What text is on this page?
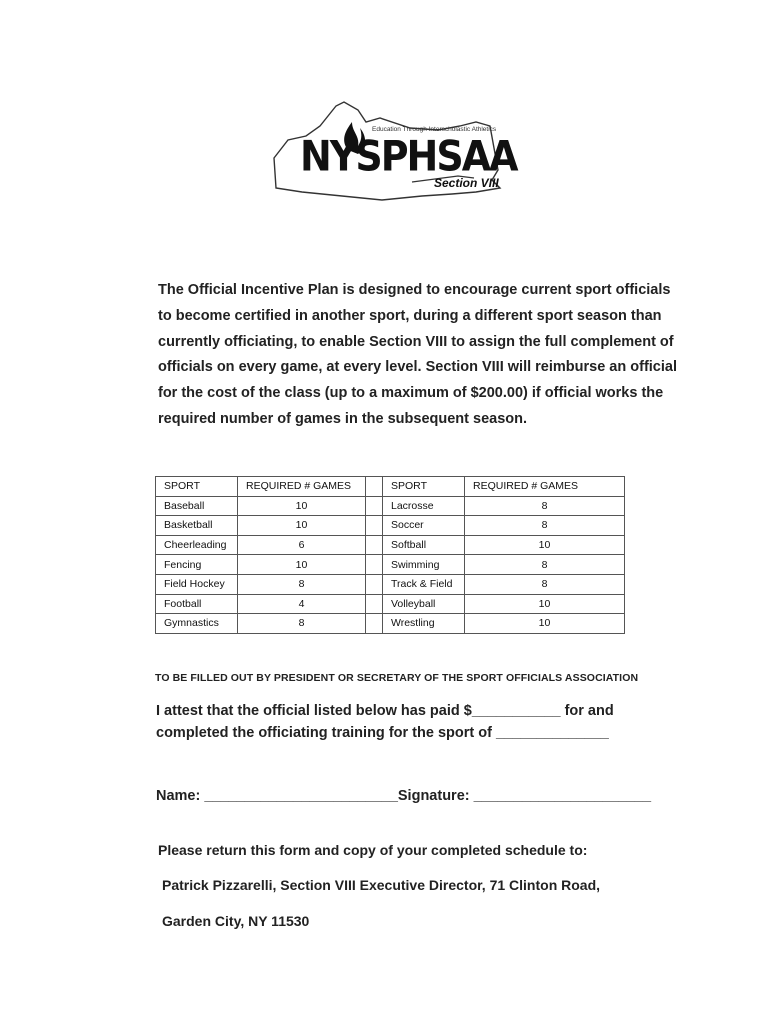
Education Through Interscholastic Athletics
NYSPHSAA
Section VIII

The Official Incentive Plan is designed to encourage current sport officials to become certified in another sport, during a different sport season than currently officiating, to enable Section VIII to assign the full complement of officials on every game, at every level. Section VIII will reimburse an official for the cost of the class (up to a maximum of $200.00) if official works the required number of games in the subsequent season.

SPORT	REQUIRED # GAMES		SPORT	REQUIRED # GAMES
Baseball	10		Lacrosse	8
Basketball	10		Soccer	8
Cheerleading	6		Softball	10
Fencing	10		Swimming	8
Field Hockey	8		Track & Field	8
Football	4		Volleyball	10
Gymnastics	8		Wrestling	10
TO BE FILLED OUT BY PRESIDENT OR SECRETARY OF THE SPORT OFFICIALS ASSOCIATION

I attest that the official listed below has paid $___________ for and completed the officiating training for the sport of ______________

Name: ________________________Signature: ______________________
Please return this form and copy of your completed schedule to:
Patrick Pizzarelli, Section VIII Executive Director, 71 Clinton Road,
Garden City, NY 11530
